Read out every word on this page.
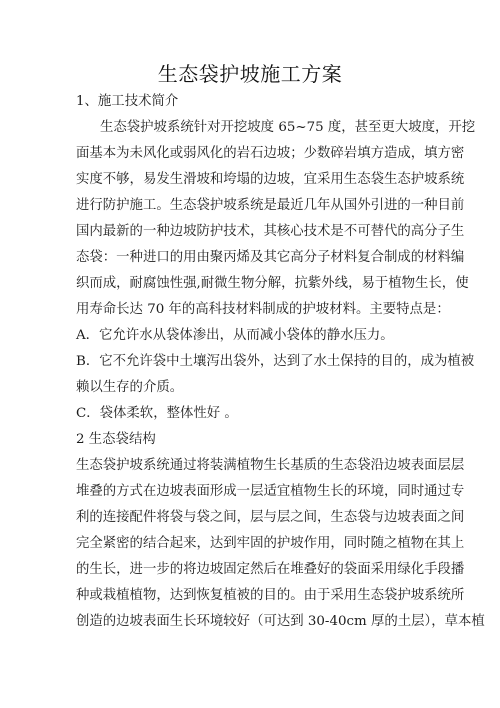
生态袋护坡施工方案
1、施工技术简介
生态袋护坡系统针对开挖坡度 65~75 度，甚至更大坡度，开挖
面基本为未风化或弱风化的岩石边坡；少数碎岩填方造成，填方密
实度不够，易发生滑坡和垮塌的边坡，宜采用生态袋生态护坡系统
进行防护施工。生态袋护坡系统是最近几年从国外引进的一种目前
国内最新的一种边坡防护技术，其核心技术是不可替代的高分子生
态袋：一种进口的用由聚丙烯及其它高分子材料复合制成的材料编
织而成，耐腐蚀性强,耐微生物分解，抗紫外线，易于植物生长，使
用寿命长达 70 年的高科技材料制成的护坡材料。主要特点是：
A．它允许水从袋体渗出，从而减小袋体的静水压力。
B．它不允许袋中土壤泻出袋外，达到了水土保持的目的，成为植被
赖以生存的介质。
C．袋体柔软，整体性好 。
2 生态袋结构
生态袋护坡系统通过将装满植物生长基质的生态袋沿边坡表面层层
堆叠的方式在边坡表面形成一层适宜植物生长的环境，同时通过专
利的连接配件将袋与袋之间，层与层之间，生态袋与边坡表面之间
完全紧密的结合起来，达到牢固的护坡作用，同时随之植物在其上
的生长，进一步的将边坡固定然后在堆叠好的袋面采用绿化手段播
种或栽植植物，达到恢复植被的目的。由于采用生态袋护坡系统所
创造的边坡表面生长环境较好（可达到 30-40cm 厚的土层），草本植
